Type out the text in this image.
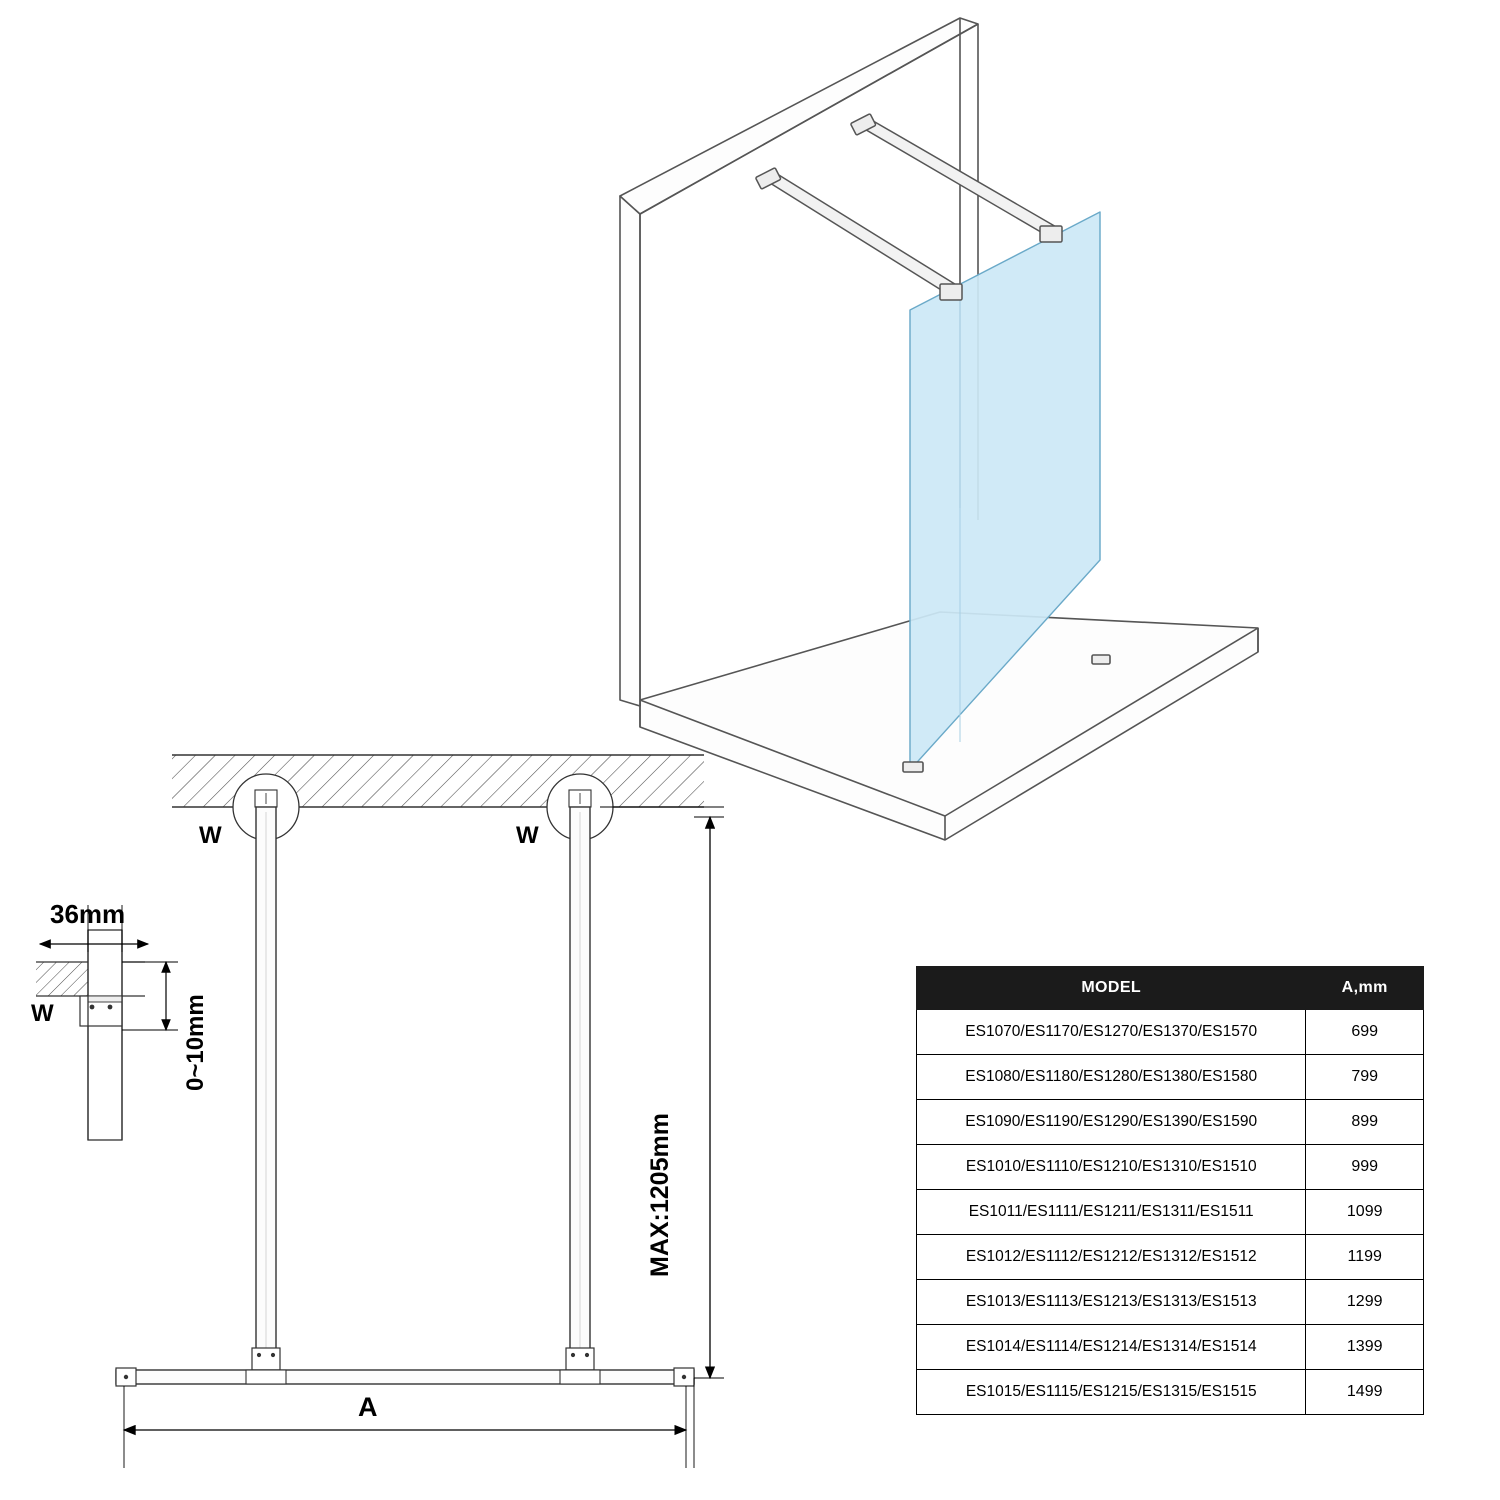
W	W
W
36mm
0~10mm
MAX:1205mm
A
MODEL	A,mm
ES1070/ES1170/ES1270/ES1370/ES1570	699
ES1080/ES1180/ES1280/ES1380/ES1580	799
ES1090/ES1190/ES1290/ES1390/ES1590	899
ES1010/ES1110/ES1210/ES1310/ES1510	999
ES1011/ES1111/ES1211/ES1311/ES1511	1099
ES1012/ES1112/ES1212/ES1312/ES1512	1199
ES1013/ES1113/ES1213/ES1313/ES1513	1299
ES1014/ES1114/ES1214/ES1314/ES1514	1399
ES1015/ES1115/ES1215/ES1315/ES1515	1499
